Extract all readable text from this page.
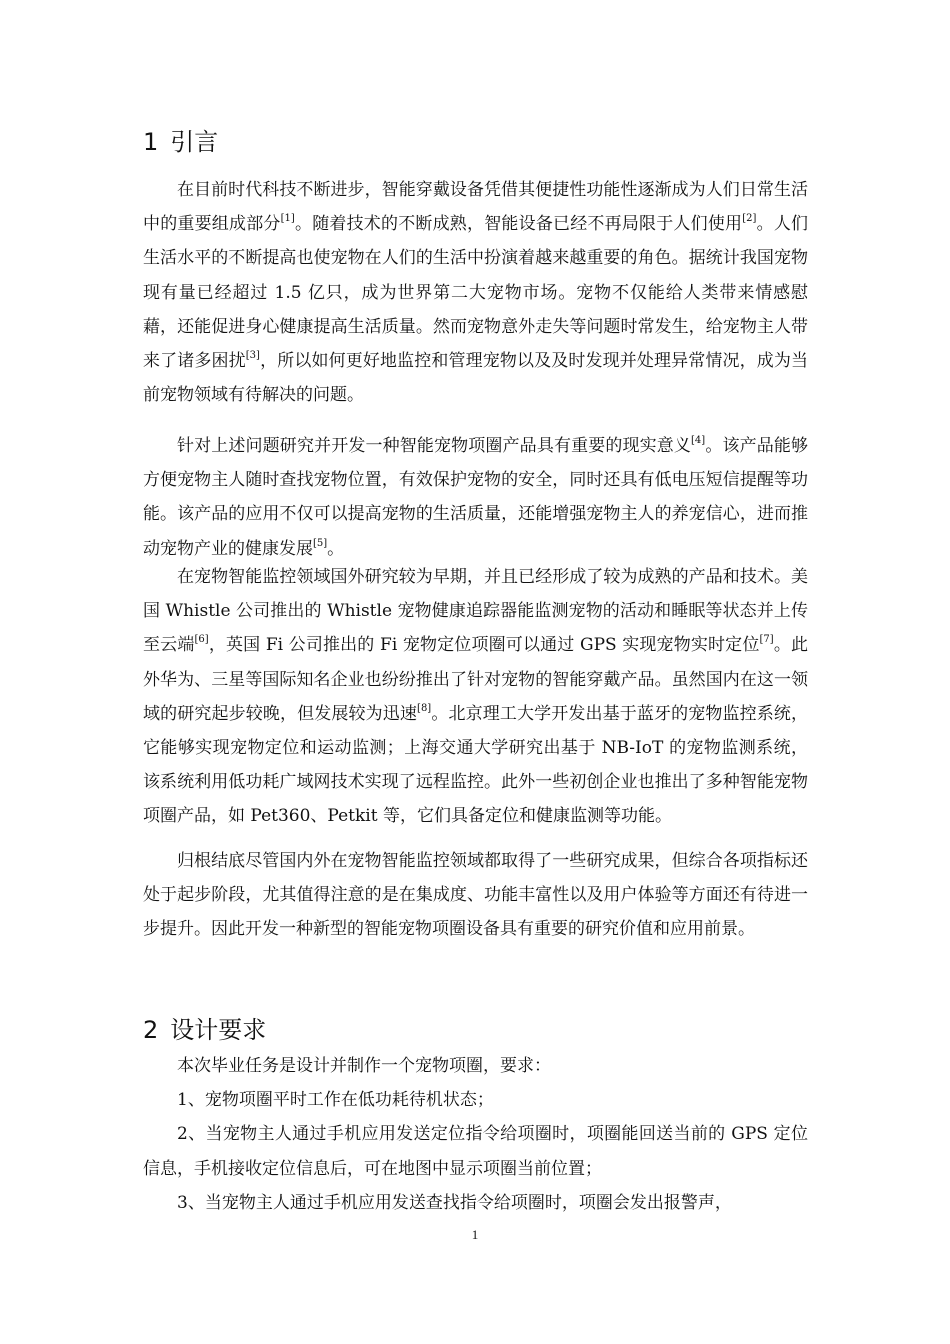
1 引言

在目前时代科技不断进步，智能穿戴设备凭借其便捷性功能性逐渐成为人们日常生活中的重要组成部分[1]。随着技术的不断成熟，智能设备已经不再局限于人们使用[2]。人们生活水平的不断提高也使宠物在人们的生活中扮演着越来越重要的角色。据统计我国宠物现有量已经超过 1.5 亿只，成为世界第二大宠物市场。宠物不仅能给人类带来情感慰藉，还能促进身心健康提高生活质量。然而宠物意外走失等问题时常发生，给宠物主人带来了诸多困扰[3]，所以如何更好地监控和管理宠物以及及时发现并处理异常情况，成为当前宠物领域有待解决的问题。

针对上述问题研究并开发一种智能宠物项圈产品具有重要的现实意义[4]。该产品能够方便宠物主人随时查找宠物位置，有效保护宠物的安全，同时还具有低电压短信提醒等功能。该产品的应用不仅可以提高宠物的生活质量，还能增强宠物主人的养宠信心，进而推动宠物产业的健康发展[5]。

在宠物智能监控领域国外研究较为早期，并且已经形成了较为成熟的产品和技术。美国 Whistle 公司推出的 Whistle 宠物健康追踪器能监测宠物的活动和睡眠等状态并上传至云端[6]，英国 Fi 公司推出的 Fi 宠物定位项圈可以通过 GPS 实现宠物实时定位[7]。此外华为、三星等国际知名企业也纷纷推出了针对宠物的智能穿戴产品。虽然国内在这一领域的研究起步较晚，但发展较为迅速[8]。北京理工大学开发出基于蓝牙的宠物监控系统，它能够实现宠物定位和运动监测；上海交通大学研究出基于 NB-IoT 的宠物监测系统，该系统利用低功耗广域网技术实现了远程监控。此外一些初创企业也推出了多种智能宠物项圈产品，如 Pet360、Petkit 等，它们具备定位和健康监测等功能。

归根结底尽管国内外在宠物智能监控领域都取得了一些研究成果，但综合各项指标还处于起步阶段，尤其值得注意的是在集成度、功能丰富性以及用户体验等方面还有待进一步提升。因此开发一种新型的智能宠物项圈设备具有重要的研究价值和应用前景。

2 设计要求

本次毕业任务是设计并制作一个宠物项圈，要求：

1、宠物项圈平时工作在低功耗待机状态；

2、当宠物主人通过手机应用发送定位指令给项圈时，项圈能回送当前的 GPS 定位信息，手机接收定位信息后，可在地图中显示项圈当前位置；

3、当宠物主人通过手机应用发送查找指令给项圈时，项圈会发出报警声，

1
